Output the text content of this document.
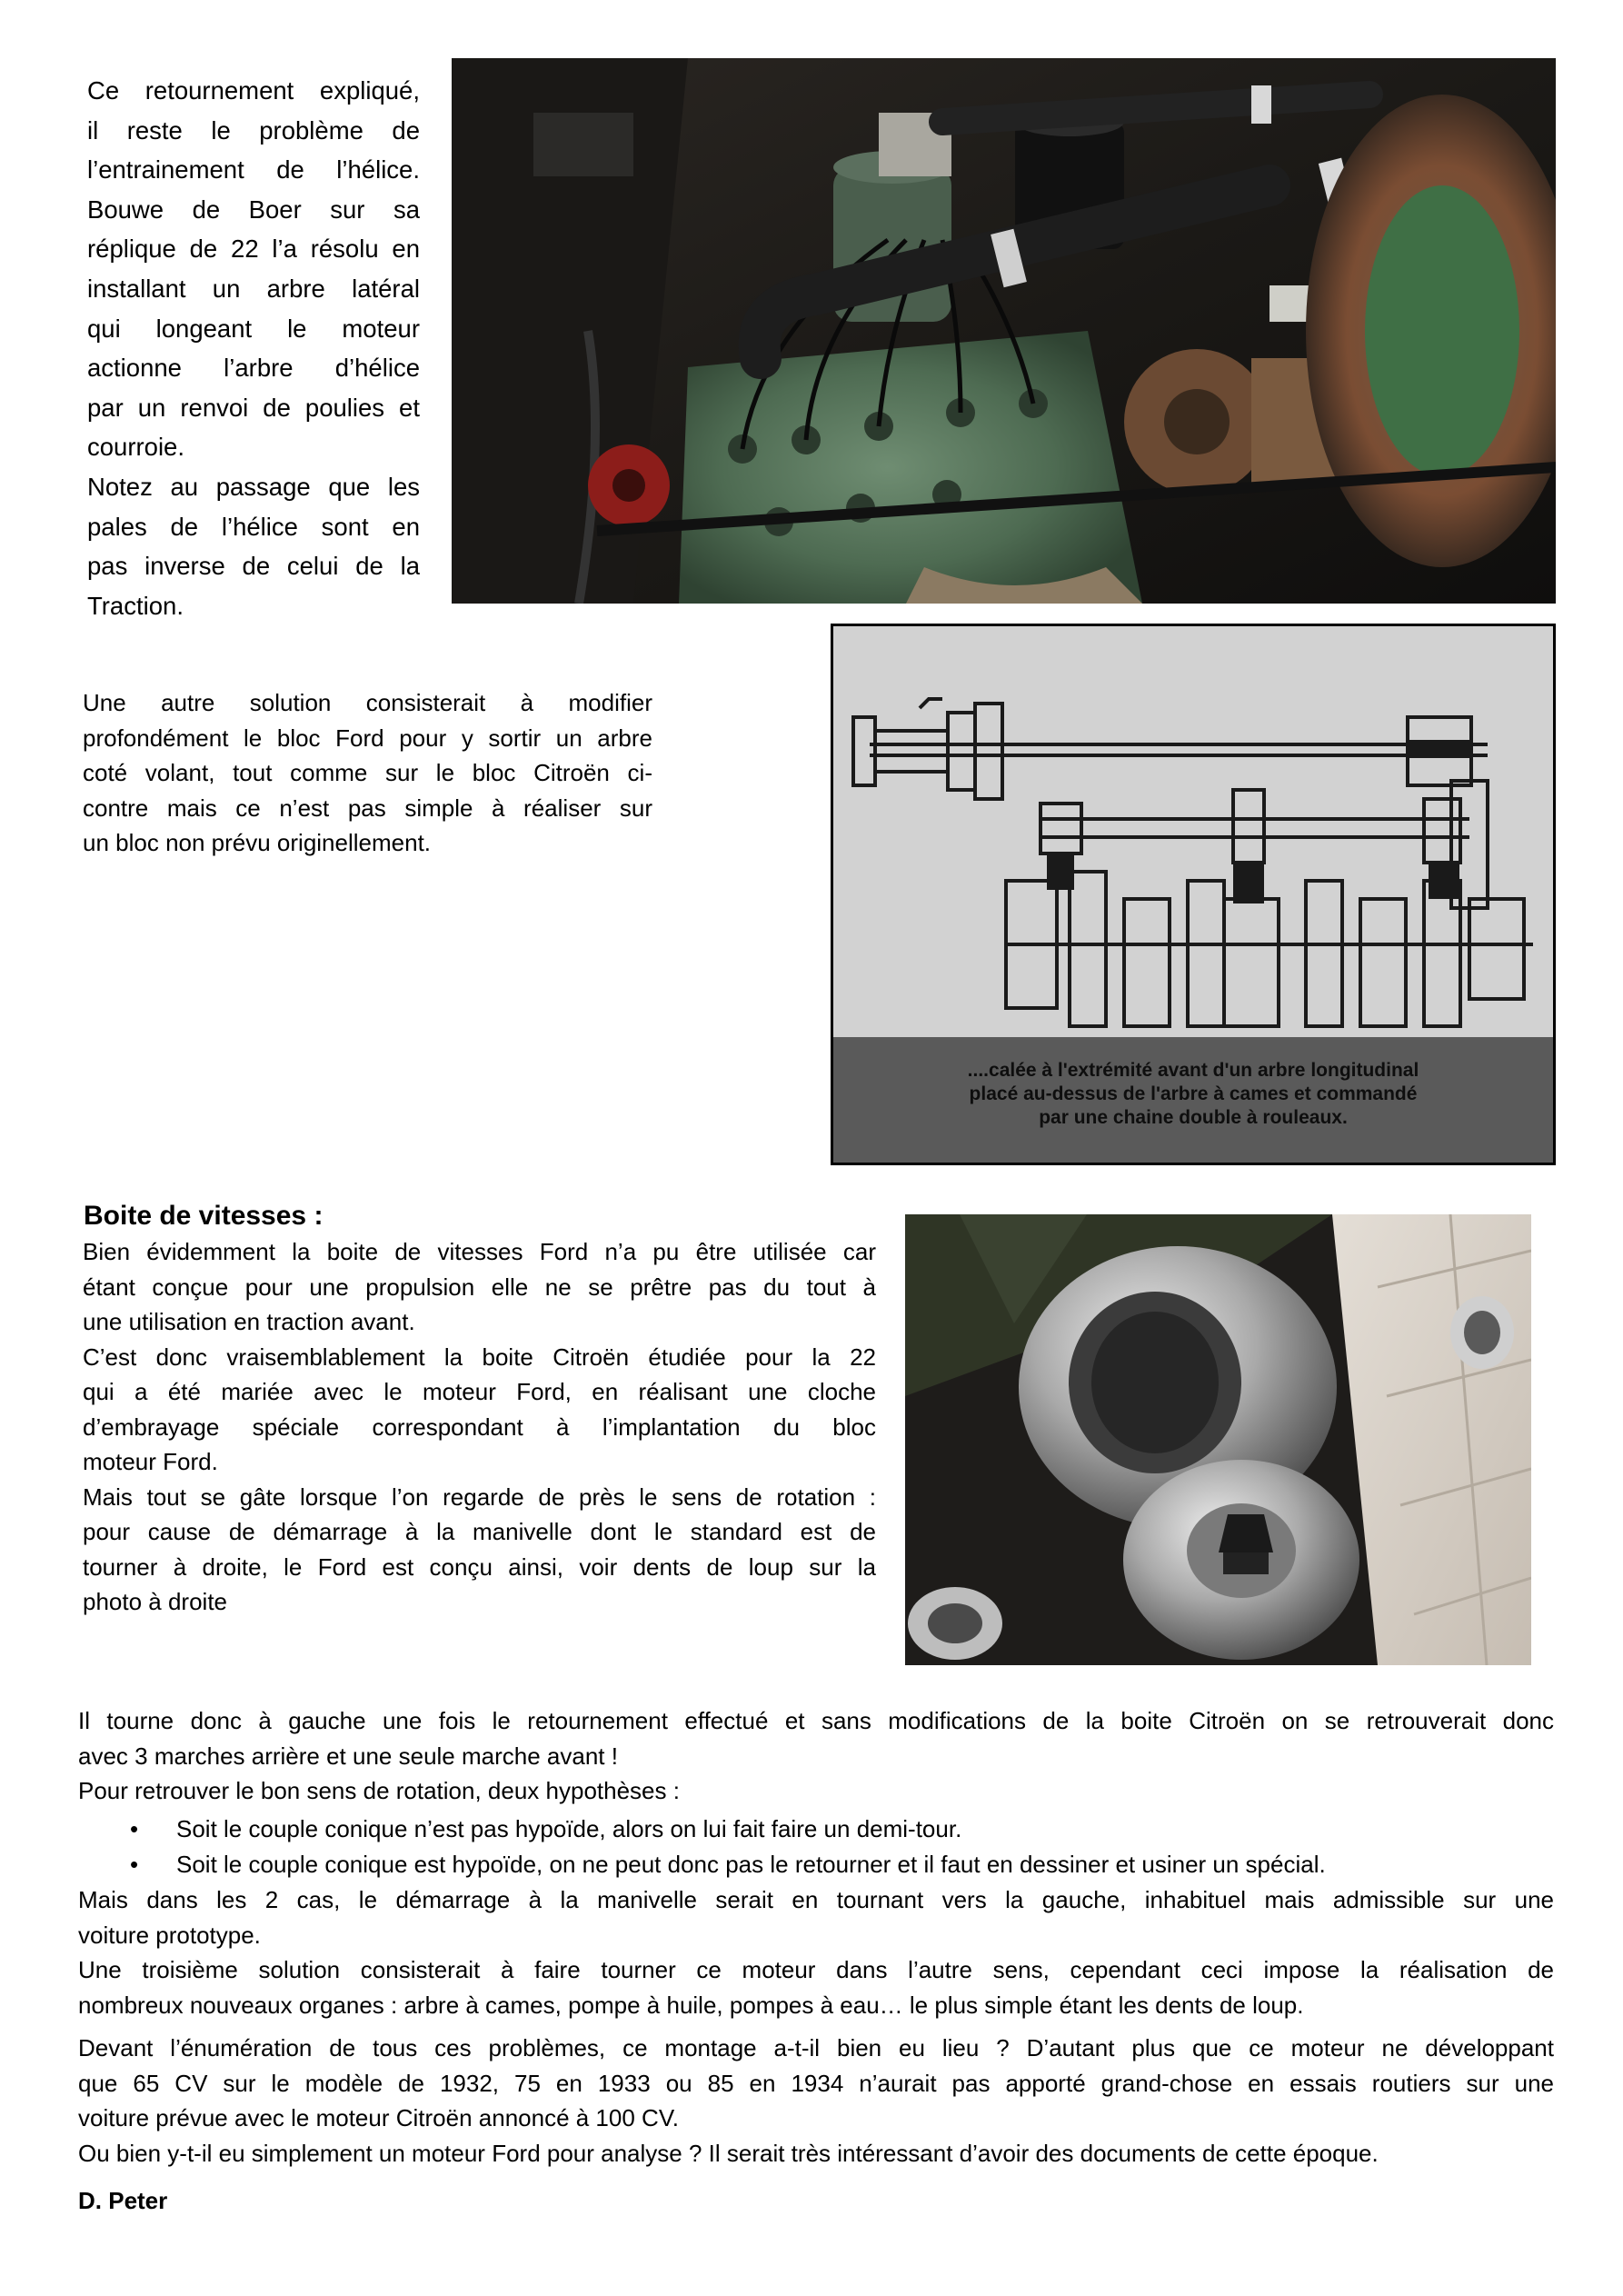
Ce retournement expliqué,
il reste le problème de
l’entrainement de l’hélice.
Bouwe de Boer sur sa
réplique de 22 l’a résolu en
installant un arbre latéral
qui longeant le moteur
actionne l’arbre d’hélice
par un renvoi de poulies et
courroie.
Notez au passage que les
pales de l’hélice sont en
pas inverse de celui de la
Traction.
Une autre solution consisterait à modifier
profondément le bloc Ford pour y sortir un arbre
coté volant, tout comme sur le bloc Citroën ci-
contre mais ce n’est pas simple à réaliser sur
un bloc non prévu originellement.
....calée à l'extrémité avant d'un arbre longitudinal
placé au-dessus de l'arbre à cames et commandé
par une chaine double à rouleaux.
Boite de vitesses :
Bien évidemment la boite de vitesses Ford n’a pu être utilisée car
étant conçue pour une propulsion elle ne se prêtre pas du tout à
une utilisation en traction avant.
C’est donc vraisemblablement la boite Citroën étudiée pour la 22
qui a été mariée avec le moteur Ford, en réalisant une cloche
d’embrayage spéciale correspondant à l’implantation du bloc
moteur Ford.
Mais tout se gâte lorsque l’on regarde de près le sens de rotation :
pour cause de démarrage à la manivelle dont le standard est de
tourner à droite, le Ford est conçu ainsi, voir dents de loup sur la
photo à droite
Il tourne donc à gauche une fois le retournement effectué et sans modifications de la boite Citroën on se retrouverait donc
avec 3 marches arrière et une seule marche avant !
Pour retrouver le bon sens de rotation, deux hypothèses :
• Soit le couple conique n’est pas hypoïde, alors on lui fait faire un demi-tour.
• Soit le couple conique est hypoïde, on ne peut donc pas le retourner et il faut en dessiner et usiner un spécial.
Mais dans les 2 cas, le démarrage à la manivelle serait en tournant vers la gauche, inhabituel mais admissible sur une
voiture prototype.
Une troisième solution consisterait à faire tourner ce moteur dans l’autre sens, cependant ceci impose la réalisation de
nombreux nouveaux organes : arbre à cames, pompe à huile, pompes à eau… le plus simple étant les dents de loup.
Devant l’énumération de tous ces problèmes, ce montage a-t-il bien eu lieu ? D’autant plus que ce moteur ne développant
que 65 CV sur le modèle de 1932, 75 en 1933 ou 85 en 1934 n’aurait pas apporté grand-chose en essais routiers sur une
voiture prévue avec le moteur Citroën annoncé à 100 CV.
Ou bien y-t-il eu simplement un moteur Ford pour analyse ? Il serait très intéressant d’avoir des documents de cette époque.
D. Peter
